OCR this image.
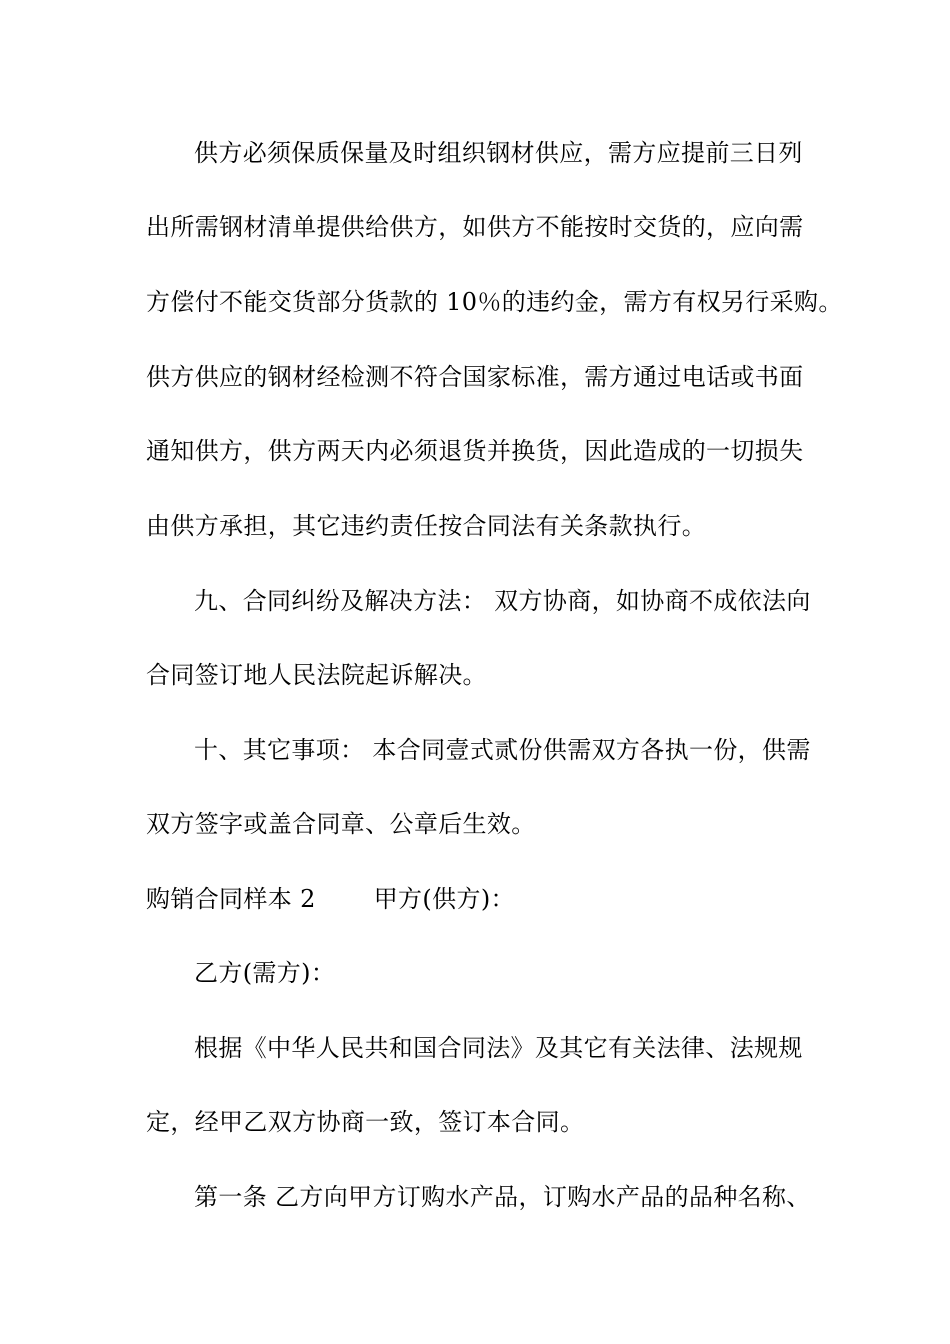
供方必须保质保量及时组织钢材供应，需方应提前三日列
出所需钢材清单提供给供方，如供方不能按时交货的，应向需
方偿付不能交货部分货款的 10％的违约金，需方有权另行采购。
供方供应的钢材经检测不符合国家标准，需方通过电话或书面
通知供方，供方两天内必须退货并换货，因此造成的一切损失
由供方承担，其它违约责任按合同法有关条款执行。
九、合同纠纷及解决方法： 双方协商，如协商不成依法向
合同签订地人民法院起诉解决。
十、其它事项： 本合同壹式贰份供需双方各执一份，供需
双方签字或盖合同章、公章后生效。
购销合同样本 2 甲方(供方)：
乙方(需方)：
根据《中华人民共和国合同法》及其它有关法律、法规规
定，经甲乙双方协商一致，签订本合同。
第一条 乙方向甲方订购水产品，订购水产品的品种名称、
